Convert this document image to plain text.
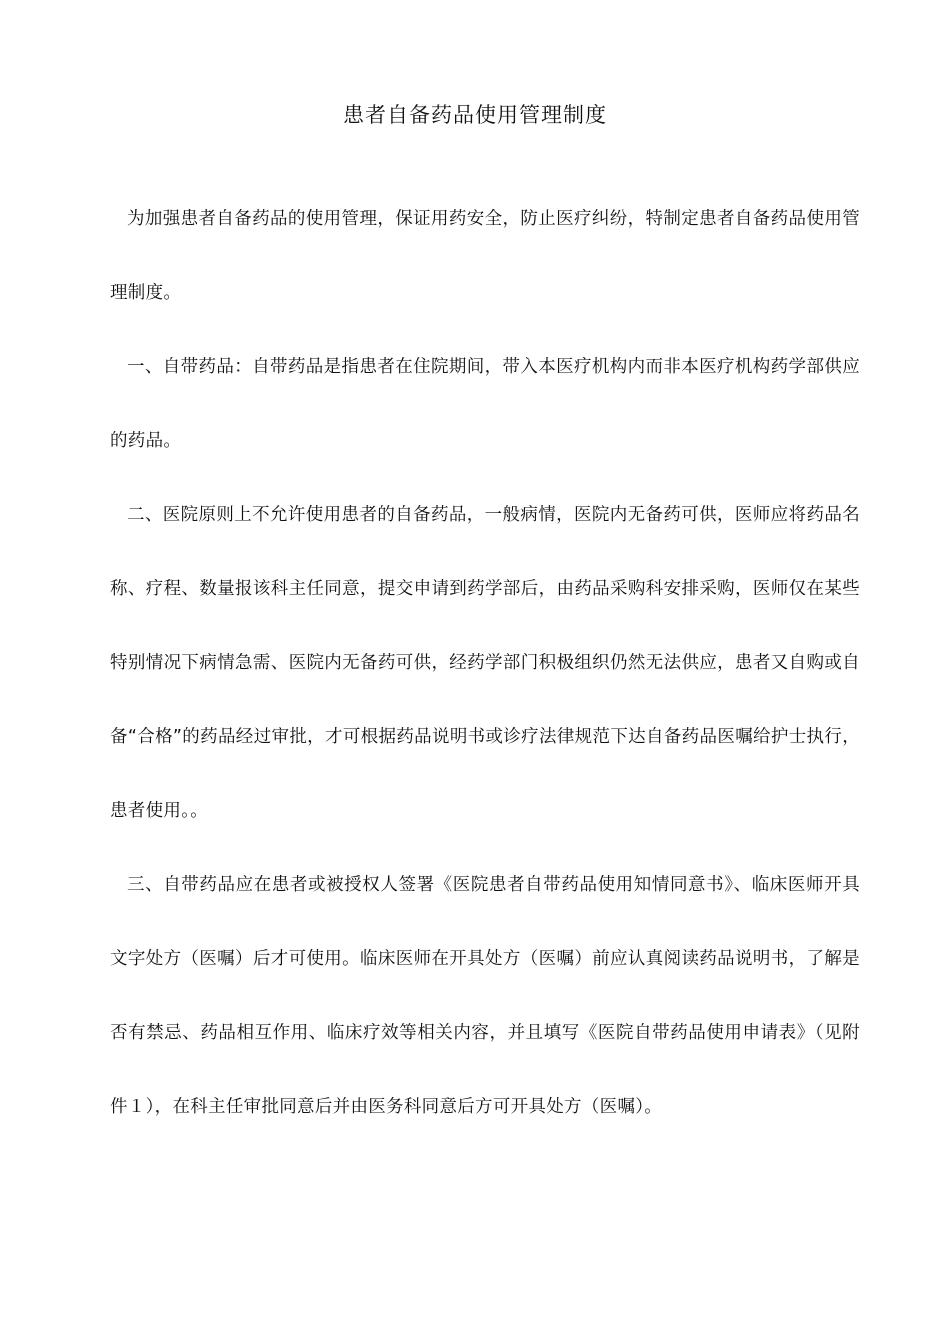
患者自备药品使用管理制度

为加强患者自备药品的使用管理，保证用药安全，防止医疗纠纷，特制定患者自备药品使用管理制度。

一、自带药品：自带药品是指患者在住院期间，带入本医疗机构内而非本医疗机构药学部供应的药品。

二、医院原则上不允许使用患者的自备药品，一般病情，医院内无备药可供，医师应将药品名称、疗程、数量报该科主任同意，提交申请到药学部后，由药品采购科安排采购，医师仅在某些特别情况下病情急需、医院内无备药可供，经药学部门积极组织仍然无法供应，患者又自购或自备“合格”的药品经过审批，才可根据药品说明书或诊疗法律规范下达自备药品医嘱给护士执行，患者使用。。

三、自带药品应在患者或被授权人签署《医院患者自带药品使用知情同意书》、临床医师开具文字处方（医嘱）后才可使用。临床医师在开具处方（医嘱）前应认真阅读药品说明书，了解是否有禁忌、药品相互作用、临床疗效等相关内容，并且填写《医院自带药品使用申请表》（见附件１），在科主任审批同意后并由医务科同意后方可开具处方（医嘱）。
